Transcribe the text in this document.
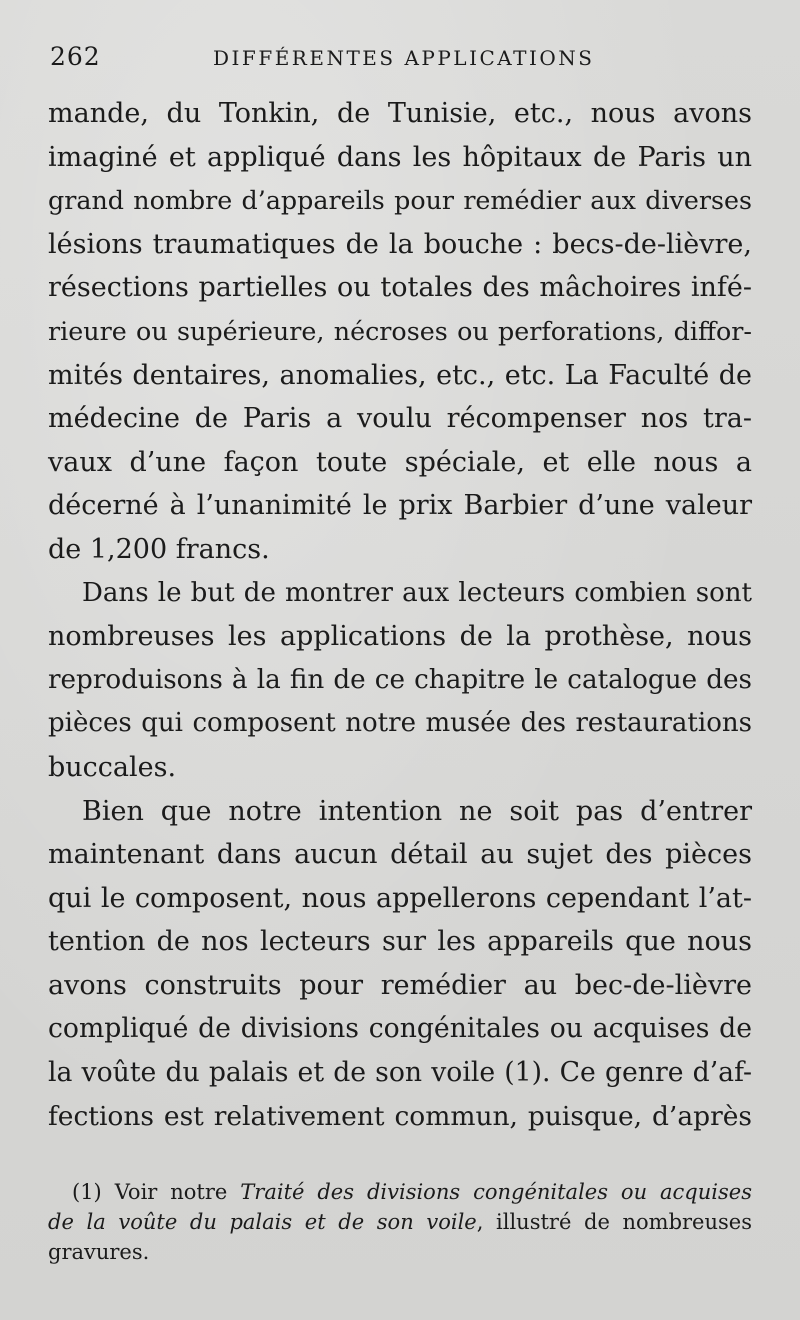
262	DIFFÉRENTES APPLICATIONS
mande, du Tonkin, de Tunisie, etc., nous avons
imaginé et appliqué dans les hôpitaux de Paris un
grand nombre d’appareils pour remédier aux diverses
lésions traumatiques de la bouche : becs-de-lièvre,
résections partielles ou totales des mâchoires infé-
rieure ou supérieure, nécroses ou perforations, diffor-
mités dentaires, anomalies, etc., etc. La Faculté de
médecine de Paris a voulu récompenser nos tra-
vaux d’une façon toute spéciale, et elle nous a
décerné à l’unanimité le prix Barbier d’une valeur
de 1,200 francs.
Dans le but de montrer aux lecteurs combien sont
nombreuses les applications de la prothèse, nous
reproduisons à la fin de ce chapitre le catalogue des
pièces qui composent notre musée des restaurations
buccales.
Bien que notre intention ne soit pas d’entrer
maintenant dans aucun détail au sujet des pièces
qui le composent, nous appellerons cependant l’at-
tention de nos lecteurs sur les appareils que nous
avons construits pour remédier au bec-de-lièvre
compliqué de divisions congénitales ou acquises de
la voûte du palais et de son voile (1). Ce genre d’af-
fections est relativement commun, puisque, d’après
(1) Voir notre Traité des divisions congénitales ou acquises
de la voûte du palais et de son voile, illustré de nombreuses
gravures.
